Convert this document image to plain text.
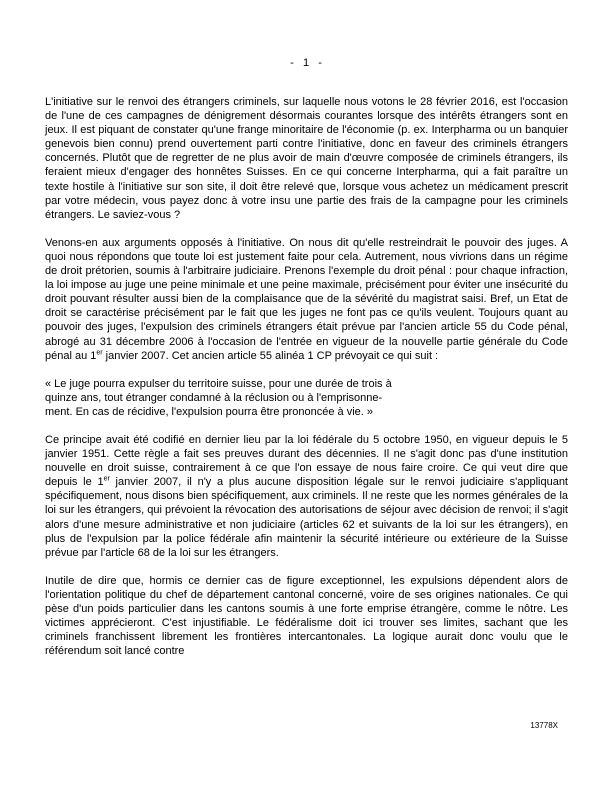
-   1   -

L'initiative sur le renvoi des étrangers criminels, sur laquelle nous votons le 28 février 2016, est l'occasion de l'une de ces campagnes de dénigrement désormais courantes lorsque des intérêts étrangers sont en jeux. Il est piquant de constater qu'une frange minoritaire de l'économie (p. ex. Interpharma ou un banquier genevois bien connu) prend ouvertement parti contre l'initiative, donc en faveur des criminels étrangers concernés. Plutôt que de regretter de ne plus avoir de main d'œuvre composée de criminels étrangers, ils feraient mieux d'engager des honnêtes Suisses. En ce qui concerne Interpharma, qui a fait paraître un texte hostile à l'initiative sur son site, il doit être relevé que, lorsque vous achetez un médicament prescrit par votre médecin, vous payez donc à votre insu une partie des frais de la campagne pour les criminels étrangers. Le saviez-vous ?

Venons-en aux arguments opposés à l'initiative. On nous dit qu'elle restreindrait le pouvoir des juges. A quoi nous répondons que toute loi est justement faite pour cela. Autrement, nous vivrions dans un régime de droit prétorien, soumis à l'arbitraire judiciaire. Prenons l'exemple du droit pénal : pour chaque infraction, la loi impose au juge une peine minimale et une peine maximale, précisément pour éviter une insécurité du droit pouvant résulter aussi bien de la complaisance que de la sévérité du magistrat saisi. Bref, un Etat de droit se caractérise précisément par le fait que les juges ne font pas ce qu'ils veulent. Toujours quant au pouvoir des juges, l'expulsion des criminels étrangers était prévue par l'ancien article 55 du Code pénal, abrogé au 31 décembre 2006 à l'occasion de l'entrée en vigueur de la nouvelle partie générale du Code pénal au 1er janvier 2007. Cet ancien article 55 alinéa 1 CP prévoyait ce qui suit :

« Le juge pourra expulser du territoire suisse, pour une durée de trois à
quinze ans, tout étranger condamné à la réclusion ou à l'emprisonne-
ment. En cas de récidive, l'expulsion pourra être prononcée à vie. »

Ce principe avait été codifié en dernier lieu par la loi fédérale du 5 octobre 1950, en vigueur depuis le 5 janvier 1951. Cette règle a fait ses preuves durant des décennies. Il ne s'agit donc pas d'une institution nouvelle en droit suisse, contrairement à ce que l'on essaye de nous faire croire. Ce qui veut dire que depuis le 1er janvier 2007, il n'y a plus aucune disposition légale sur le renvoi judiciaire s'appliquant spécifiquement, nous disons bien spécifiquement, aux criminels. Il ne reste que les normes générales de la loi sur les étrangers, qui prévoient la révocation des autorisations de séjour avec décision de renvoi; il s'agit alors d'une mesure administrative et non judiciaire (articles 62 et suivants de la loi sur les étrangers), en plus de l'expulsion par la police fédérale afin maintenir la sécurité intérieure ou extérieure de la Suisse prévue par l'article 68 de la loi sur les étrangers.

Inutile de dire que, hormis ce dernier cas de figure exceptionnel, les expulsions dépendent alors de l'orientation politique du chef de département cantonal concerné, voire de ses origines nationales. Ce qui pèse d'un poids particulier dans les cantons soumis à une forte emprise étrangère, comme le nôtre. Les victimes apprécieront. C'est injustifiable. Le fédéralisme doit ici trouver ses limites, sachant que les criminels franchissent librement les frontières intercantonales. La logique aurait donc voulu que le référendum soit lancé contre

13778X
